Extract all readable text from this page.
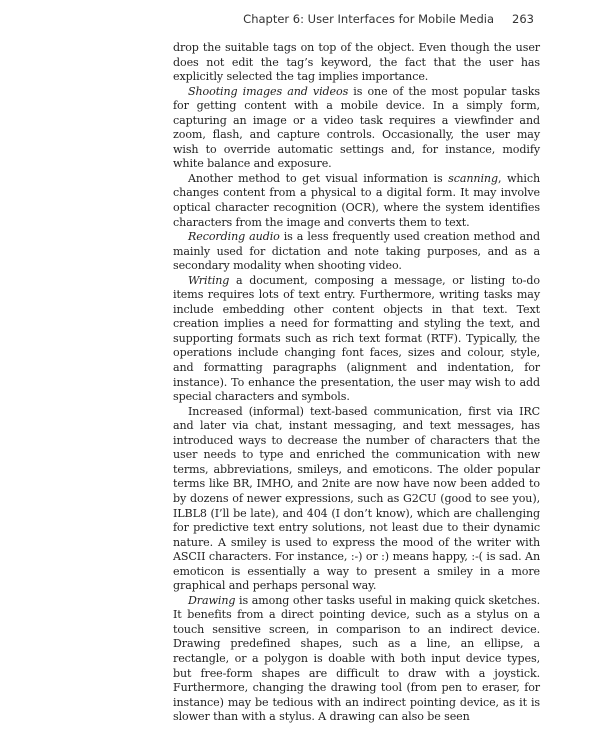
Chapter 6: User Interfaces for Mobile Media 263

drop the suitable tags on top of the object. Even though the user does not edit the tag’s keyword, the fact that the user has explicitly selected the tag implies importance.

Shooting images and videos is one of the most popular tasks for getting content with a mobile device. In a simply form, capturing an image or a video task requires a viewfinder and zoom, flash, and capture controls. Occasionally, the user may wish to override automatic settings and, for instance, modify white balance and exposure.

Another method to get visual information is scanning, which changes content from a physical to a digital form. It may involve optical character recognition (OCR), where the system identifies characters from the image and converts them to text.

Recording audio is a less frequently used creation method and mainly used for dictation and note taking purposes, and as a secondary modality when shooting video.

Writing a document, composing a message, or listing to-do items requires lots of text entry. Furthermore, writing tasks may include embedding other content objects in that text. Text creation implies a need for formatting and styling the text, and supporting formats such as rich text format (RTF). Typically, the operations include changing font faces, sizes and colour, style, and formatting paragraphs (alignment and indentation, for instance). To enhance the presentation, the user may wish to add special characters and symbols.

Increased (informal) text-based communication, first via IRC and later via chat, instant messaging, and text messages, has introduced ways to decrease the number of characters that the user needs to type and enriched the communication with new terms, abbreviations, smileys, and emoticons. The older popular terms like BR, IMHO, and 2nite are now have now been added to by dozens of newer expressions, such as G2CU (good to see you), ILBL8 (I’ll be late), and 404 (I don’t know), which are challenging for predictive text entry solutions, not least due to their dynamic nature. A smiley is used to express the mood of the writer with ASCII characters. For instance, :-) or :) means happy, :-( is sad. An emoticon is essentially a way to present a smiley in a more graphical and perhaps personal way.

Drawing is among other tasks useful in making quick sketches. It benefits from a direct pointing device, such as a stylus on a touch sensitive screen, in comparison to an indirect device. Drawing predefined shapes, such as a line, an ellipse, a rectangle, or a polygon is doable with both input device types, but free-form shapes are difficult to draw with a joystick. Furthermore, changing the drawing tool (from pen to eraser, for instance) may be tedious with an indirect pointing device, as it is slower than with a stylus. A drawing can also be seen
